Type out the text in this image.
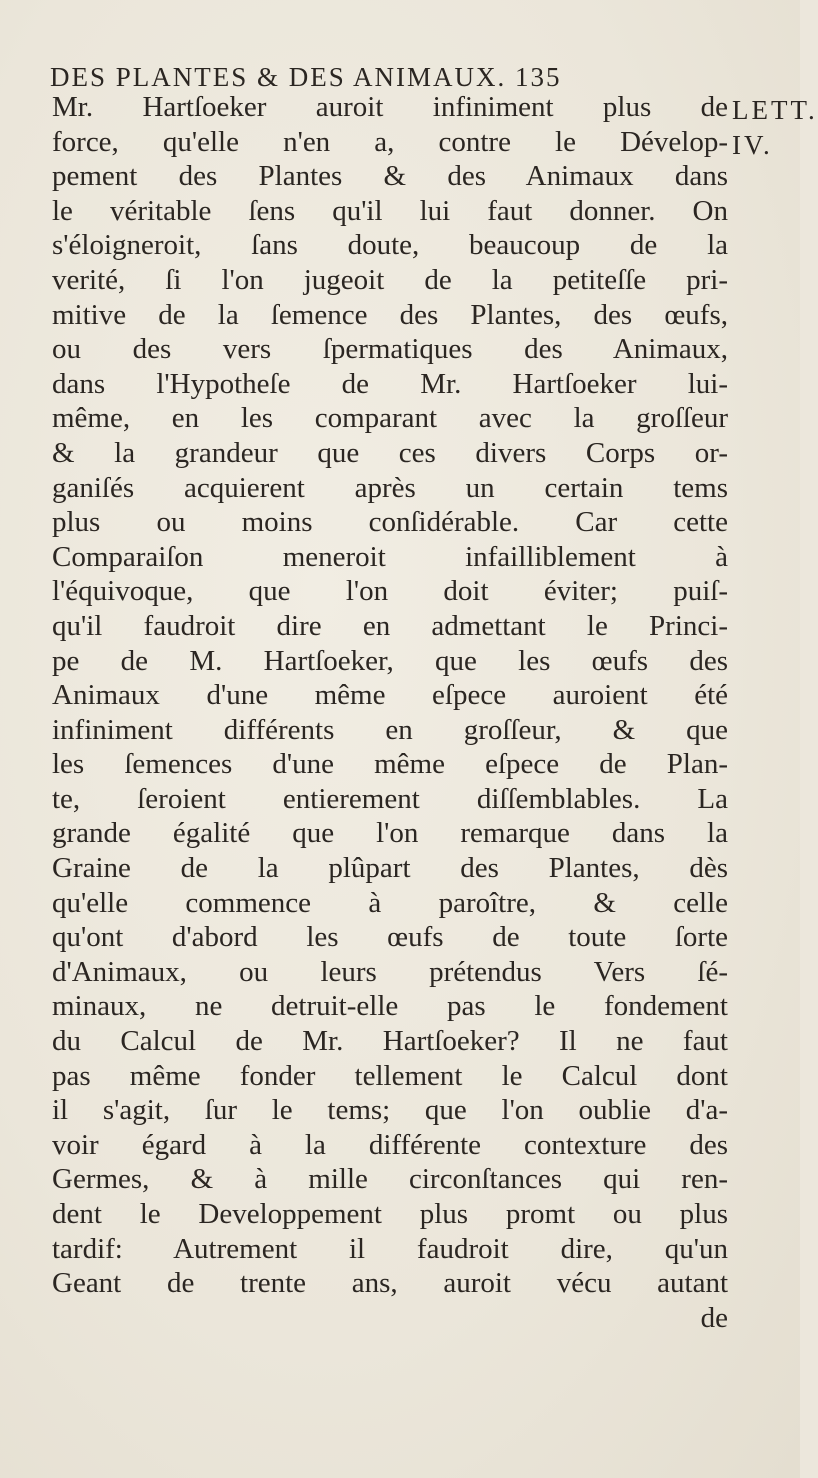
DES PLANTES & DES ANIMAUX. 135
LETT.
IV.
Mr. Hartſoeker auroit infiniment plus de
force, qu'elle n'en a, contre le Dévelop-
pement des Plantes & des Animaux dans
le véritable ſens qu'il lui faut donner. On
s'éloigneroit, ſans doute, beaucoup de la
verité, ſi l'on jugeoit de la petiteſſe pri-
mitive de la ſemence des Plantes, des œufs,
ou des vers ſpermatiques des Animaux,
dans l'Hypotheſe de Mr. Hartſoeker lui-
même, en les comparant avec la groſſeur
& la grandeur que ces divers Corps or-
ganiſés acquierent après un certain tems
plus ou moins conſidérable. Car cette
Comparaiſon meneroit infailliblement à
l'équivoque, que l'on doit éviter; puiſ-
qu'il faudroit dire en admettant le Princi-
pe de M. Hartſoeker, que les œufs des
Animaux d'une même eſpece auroient été
infiniment différents en groſſeur, & que
les ſemences d'une même eſpece de Plan-
te, ſeroient entierement diſſemblables. La
grande égalité que l'on remarque dans la
Graine de la plûpart des Plantes, dès
qu'elle commence à paroître, & celle
qu'ont d'abord les œufs de toute ſorte
d'Animaux, ou leurs prétendus Vers ſé-
minaux, ne detruit-elle pas le fondement
du Calcul de Mr. Hartſoeker? Il ne faut
pas même fonder tellement le Calcul dont
il s'agit, ſur le tems; que l'on oublie d'a-
voir égard à la différente contexture des
Germes, & à mille circonſtances qui ren-
dent le Developpement plus promt ou plus
tardif: Autrement il faudroit dire, qu'un
Geant de trente ans, auroit vécu autant
de
